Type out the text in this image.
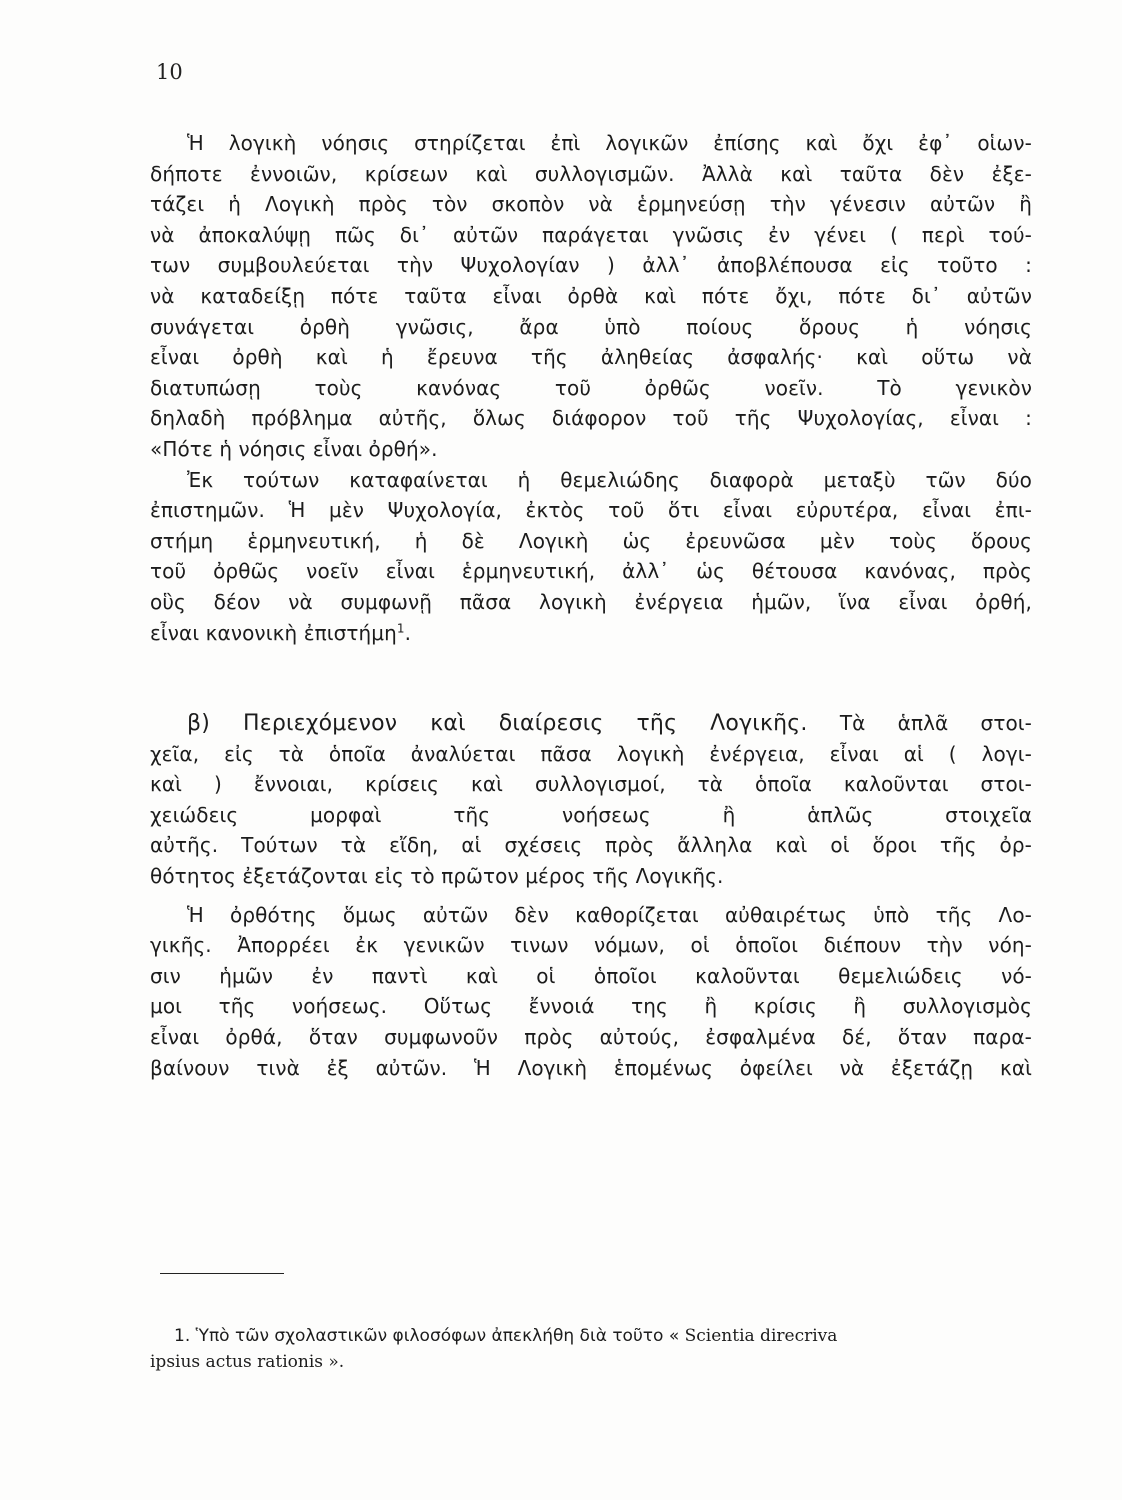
10
Ἡ λογικὴ νόησις στηρίζεται ἐπὶ λογικῶν ἐπίσης καὶ ὄχι ἐφ᾽ οἱων-
δήποτε ἐννοιῶν, κρίσεων καὶ συλλογισμῶν. Ἀλλὰ καὶ ταῦτα δὲν ἐξε-
τάζει ἡ Λογικὴ πρὸς τὸν σκοπὸν νὰ ἑρμηνεύσῃ τὴν γένεσιν αὐτῶν ἢ
νὰ ἀποκαλύψῃ πῶς δι᾽ αὐτῶν παράγεται γνῶσις ἐν γένει ( περὶ τού-
των συμβουλεύεται τὴν Ψυχολογίαν ) ἀλλ᾽ ἀποβλέπουσα εἰς τοῦτο :
νὰ καταδείξῃ πότε ταῦτα εἶναι ὀρθὰ καὶ πότε ὄχι, πότε δι᾽ αὐτῶν
συνάγεται ὀρθὴ γνῶσις, ἄρα ὑπὸ ποίους ὅρους ἡ νόησις
εἶναι ὀρθὴ καὶ ἡ ἔρευνα τῆς ἀληθείας ἀσφαλής· καὶ οὕτω νὰ
διατυπώσῃ τοὺς κανόνας τοῦ ὀρθῶς νοεῖν. Τὸ γενικὸν
δηλαδὴ πρόβλημα αὐτῆς, ὅλως διάφορον τοῦ τῆς Ψυχολογίας, εἶναι :
«Πότε ἡ νόησις εἶναι ὀρθή».
Ἐκ τούτων καταφαίνεται ἡ θεμελιώδης διαφορὰ μεταξὺ τῶν δύο
ἐπιστημῶν. Ἡ μὲν Ψυχολογία, ἐκτὸς τοῦ ὅτι εἶναι εὐρυτέρα, εἶναι ἐπι-
στήμη ἑρμηνευτική, ἡ δὲ Λογικὴ ὡς ἐρευνῶσα μὲν τοὺς ὅρους
τοῦ ὀρθῶς νοεῖν εἶναι ἑρμηνευτική, ἀλλ᾽ ὡς θέτουσα κανόνας, πρὸς
οὓς δέον νὰ συμφωνῇ πᾶσα λογικὴ ἐνέργεια ἡμῶν, ἵνα εἶναι ὀρθή,
εἶναι κανονικὴ ἐπιστήμη$^1$.
β) Περιεχόμενον καὶ διαίρεσις τῆς Λογικῆς. Τὰ ἁπλᾶ στοι-
χεῖα, εἰς τὰ ὁποῖα ἀναλύεται πᾶσα λογικὴ ἐνέργεια, εἶναι αἱ ( λογι-
καὶ ) ἔννοιαι, κρίσεις καὶ συλλογισμοί, τὰ ὁποῖα καλοῦνται στοι-
χειώδεις μορφαὶ τῆς νοήσεως ἢ ἁπλῶς στοιχεῖα
αὐτῆς. Τούτων τὰ εἴδη, αἱ σχέσεις πρὸς ἄλληλα καὶ οἱ ὅροι τῆς ὀρ-
θότητος ἐξετάζονται εἰς τὸ πρῶτον μέρος τῆς Λογικῆς.
Ἡ ὀρθότης ὅμως αὐτῶν δὲν καθορίζεται αὐθαιρέτως ὑπὸ τῆς Λο-
γικῆς. Ἀπορρέει ἐκ γενικῶν τινων νόμων, οἱ ὁποῖοι διέπουν τὴν νόη-
σιν ἡμῶν ἐν παντὶ καὶ οἱ ὁποῖοι καλοῦνται θεμελιώδεις νό-
μοι τῆς νοήσεως. Οὕτως ἔννοιά της ἢ κρίσις ἢ συλλογισμὸς
εἶναι ὀρθά, ὅταν συμφωνοῦν πρὸς αὐτούς, ἐσφαλμένα δέ, ὅταν παρα-
βαίνουν τινὰ ἐξ αὐτῶν. Ἡ Λογικὴ ἑπομένως ὀφείλει νὰ ἐξετάζῃ καὶ
1. Ὑπὸ τῶν σχολαστικῶν φιλοσόφων ἀπεκλήθη διὰ τοῦτο « Scientia direcriva
ipsius actus rationis ».
